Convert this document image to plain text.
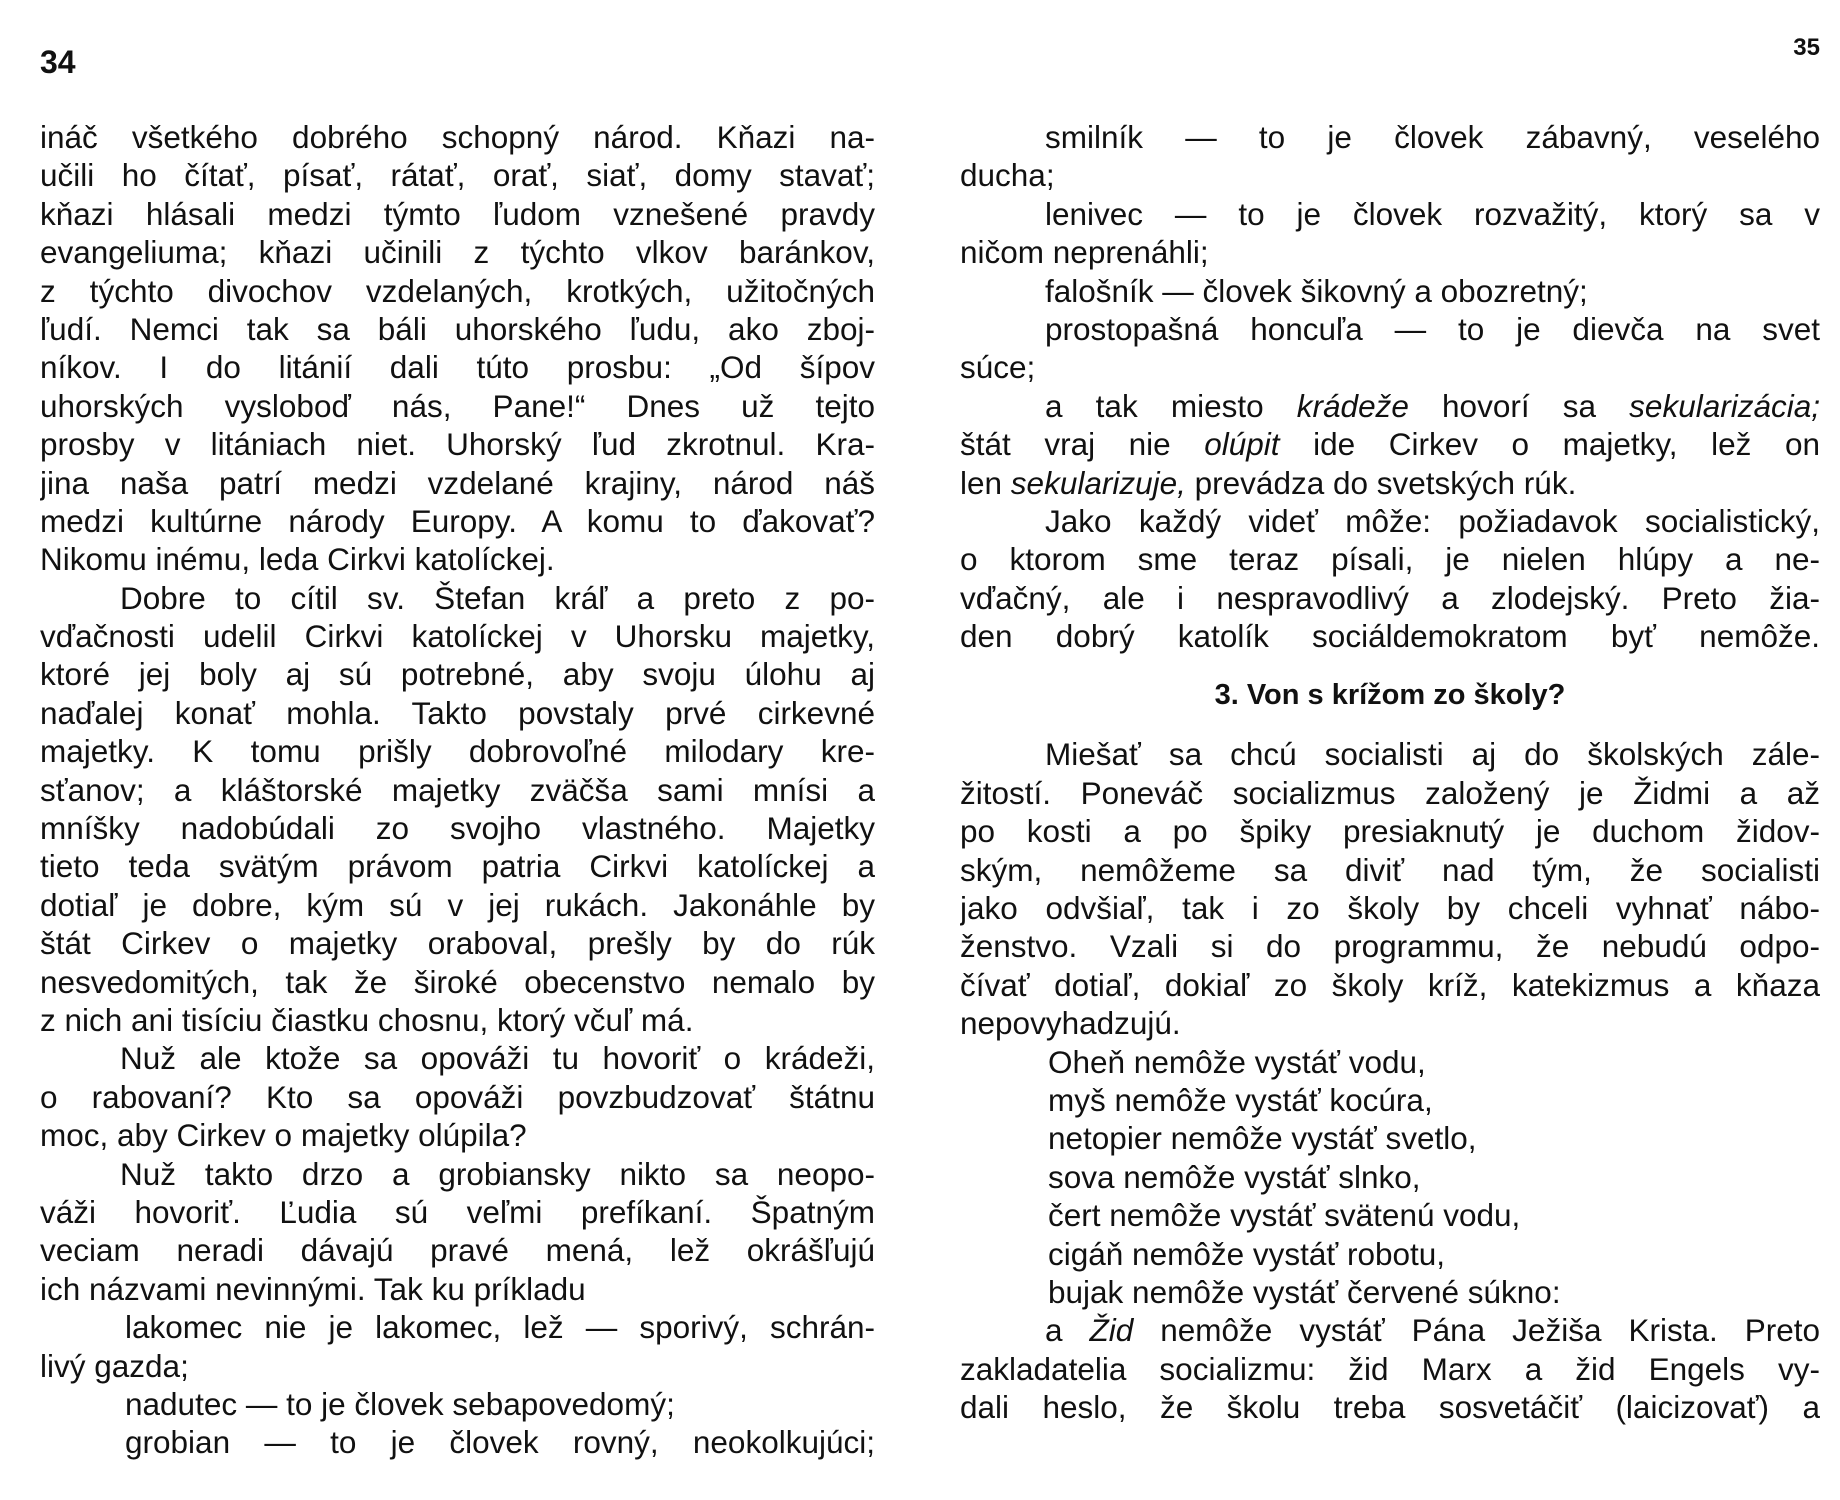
34	35
ináč všetkého dobrého schopný národ. Kňazi na-
učili ho čítať, písať, rátať, orať, siať, domy stavať;
kňazi hlásali medzi týmto ľudom vznešené pravdy
evangeliuma; kňazi učinili z týchto vlkov baránkov,
z týchto divochov vzdelaných, krotkých, užitočných
ľudí. Nemci tak sa báli uhorského ľudu, ako zboj-
níkov. I do litánií dali túto prosbu: „Od šípov
uhorských vysloboď nás, Pane!“ Dnes už tejto
prosby v litániach niet. Uhorský ľud zkrotnul. Kra-
jina naša patrí medzi vzdelané krajiny, národ náš
medzi kultúrne národy Europy. A komu to ďakovať?
Nikomu inému, leda Cirkvi katolíckej.
Dobre to cítil sv. Štefan kráľ a preto z po-
vďačnosti udelil Cirkvi katolíckej v Uhorsku majetky,
ktoré jej boly aj sú potrebné, aby svoju úlohu aj
naďalej konať mohla. Takto povstaly prvé cirkevné
majetky. K tomu prišly dobrovoľné milodary kre-
sťanov; a kláštorské majetky zväčša sami mnísi a
mníšky nadobúdali zo svojho vlastného. Majetky
tieto teda svätým právom patria Cirkvi katolíckej a
dotiaľ je dobre, kým sú v jej rukách. Jakonáhle by
štát Cirkev o majetky oraboval, prešly by do rúk
nesvedomitých, tak že široké obecenstvo nemalo by
z nich ani tisíciu čiastku chosnu, ktorý včuľ má.
Nuž ale ktože sa opováži tu hovoriť o krádeži,
o rabovaní? Kto sa opováži povzbudzovať štátnu
moc, aby Cirkev o majetky olúpila?
Nuž takto drzo a grobiansky nikto sa neopo-
váži hovoriť. Ľudia sú veľmi prefíkaní. Špatným
veciam neradi dávajú pravé mená, lež okrášľujú
ich názvami nevinnými. Tak ku príkladu
lakomec nie je lakomec, lež — sporivý, schrán-
livý gazda;
nadutec — to je človek sebapovedomý;
grobian — to je človek rovný, neokolkujúci;
smilník — to je človek zábavný, veselého
ducha;
lenivec — to je človek rozvažitý, ktorý sa v
ničom neprenáhli;
falošník — človek šikovný a obozretný;
prostopašná honcuľa — to je dievča na svet
súce;
a tak miesto krádeže hovorí sa sekularizácia;
štát vraj nie olúpit ide Cirkev o majetky, lež on
len sekularizuje, prevádza do svetských rúk.
Jako každý videť môže: požiadavok socialistický,
o ktorom sme teraz písali, je nielen hlúpy a ne-
vďačný, ale i nespravodlivý a zlodejský. Preto žia-
den dobrý katolík sociáldemokratom byť nemôže.
3. Von s krížom zo školy?
Miešať sa chcú socialisti aj do školských zále-
žitostí. Poneváč socializmus založený je Židmi a až
po kosti a po špiky presiaknutý je duchom židov-
ským, nemôžeme sa diviť nad tým, že socialisti
jako odvšiaľ, tak i zo školy by chceli vyhnať nábo-
ženstvo. Vzali si do programmu, že nebudú odpo-
čívať dotiaľ, dokiaľ zo školy kríž, katekizmus a kňaza
nepovyhadzujú.
Oheň nemôže vystáť vodu,
myš nemôže vystáť kocúra,
netopier nemôže vystáť svetlo,
sova nemôže vystáť slnko,
čert nemôže vystáť svätenú vodu,
cigáň nemôže vystáť robotu,
bujak nemôže vystáť červené súkno:
a Žid nemôže vystáť Pána Ježiša Krista. Preto
zakladatelia socializmu: žid Marx a žid Engels vy-
dali heslo, že školu treba sosvetáčiť (laicizovať) a
